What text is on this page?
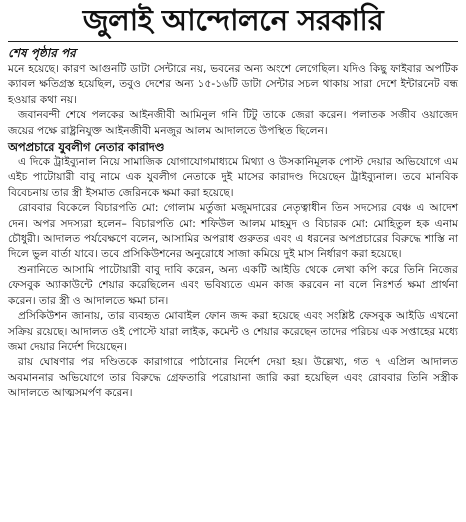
জুলাই আন্দোলনে সরকারি
শেষ পৃষ্ঠার পর

মনে হয়েছে। কারণ আগুনটি ডাটা সেন্টারে নয়, ভবনের অন্য অংশে লেগেছিল। যদিও কিছু ফাইবার অপটিক ক্যাবল ক্ষতিগ্রস্ত হয়েছিল, তবুও দেশের অন্য ১৫-১৬টি ডাটা সেন্টার সচল থাকায় সারা দেশে ইন্টারনেট বন্ধ হওয়ার কথা নয়।

জবানবন্দী শেষে পলকের আইনজীবী আমিনুল গনি টিটু তাকে জেরা করেন। পলাতক সজীব ওয়াজেদ জয়ের পক্ষে রাষ্ট্রনিযুক্ত আইনজীবী মনজুর আলম আদালতে উপস্থিত ছিলেন।

অপপ্রচারে যুবলীগ নেতার কারাদণ্ড

এ দিকে ট্রাইব্যুনাল নিয়ে সামাজিক যোগাযোগমাধ্যমে মিথ্যা ও উসকানিমূলক পোস্ট দেয়ার অভিযোগে এম এইচ পাটোয়ারী বাবু নামে এক যুবলীগ নেতাকে দুই মাসের কারাদণ্ড দিয়েছেন ট্রাইব্যুনাল। তবে মানবিক বিবেচনায় তার স্ত্রী ইসমাত জেরিনকে ক্ষমা করা হয়েছে।

রোববার বিকেলে বিচারপতি মো: গোলাম মর্তুজা মজুমদারের নেতৃত্বাধীন তিন সদস্যের বেঞ্চ এ আদেশ দেন। অপর সদস্যরা হলেন– বিচারপতি মো: শফিউল আলম মাহমুদ ও বিচারক মো: মোহিতুল হক এনাম চৌধুরী। আদালত পর্যবেক্ষণে বলেন, আসামির অপরাধ গুরুতর এবং এ ধরনের অপপ্রচারের বিরুদ্ধে শাস্তি না দিলে ভুল বার্তা যাবে। তবে প্রসিকিউশনের অনুরোধে সাজা কমিয়ে দুই মাস নির্ধারণ করা হয়েছে।

শুনানিতে আসামি পাটোয়ারী বাবু দাবি করেন, অন্য একটি আইডি থেকে লেখা কপি করে তিনি নিজের ফেসবুক অ্যাকাউন্টে শেয়ার করেছিলেন এবং ভবিষ্যতে এমন কাজ করবেন না বলে নিঃশর্ত ক্ষমা প্রার্থনা করেন। তার স্ত্রী ও আদালতে ক্ষমা চান।

প্রসিকিউশন জানায়, তার ব্যবহৃত মোবাইল ফোন জব্দ করা হয়েছে এবং সংশ্লিষ্ট ফেসবুক আইডি এখনো সক্রিয় রয়েছে। আদালত ওই পোস্টে যারা লাইক, কমেন্ট ও শেয়ার করেছেন তাদের পরিচয় এক সপ্তাহের মধ্যে জমা দেয়ার নির্দেশ দিয়েছেন।

রায় ঘোষণার পর দণ্ডিতকে কারাগারে পাঠানোর নির্দেশ দেয়া হয়। উল্লেখ্য, গত ৭ এপ্রিল আদালত অবমাননার অভিযোগে তার বিরুদ্ধে গ্রেফতারি পরোয়ানা জারি করা হয়েছিল এবং রোববার তিনি সস্ত্রীক আদালতে আত্মসমর্পণ করেন।
